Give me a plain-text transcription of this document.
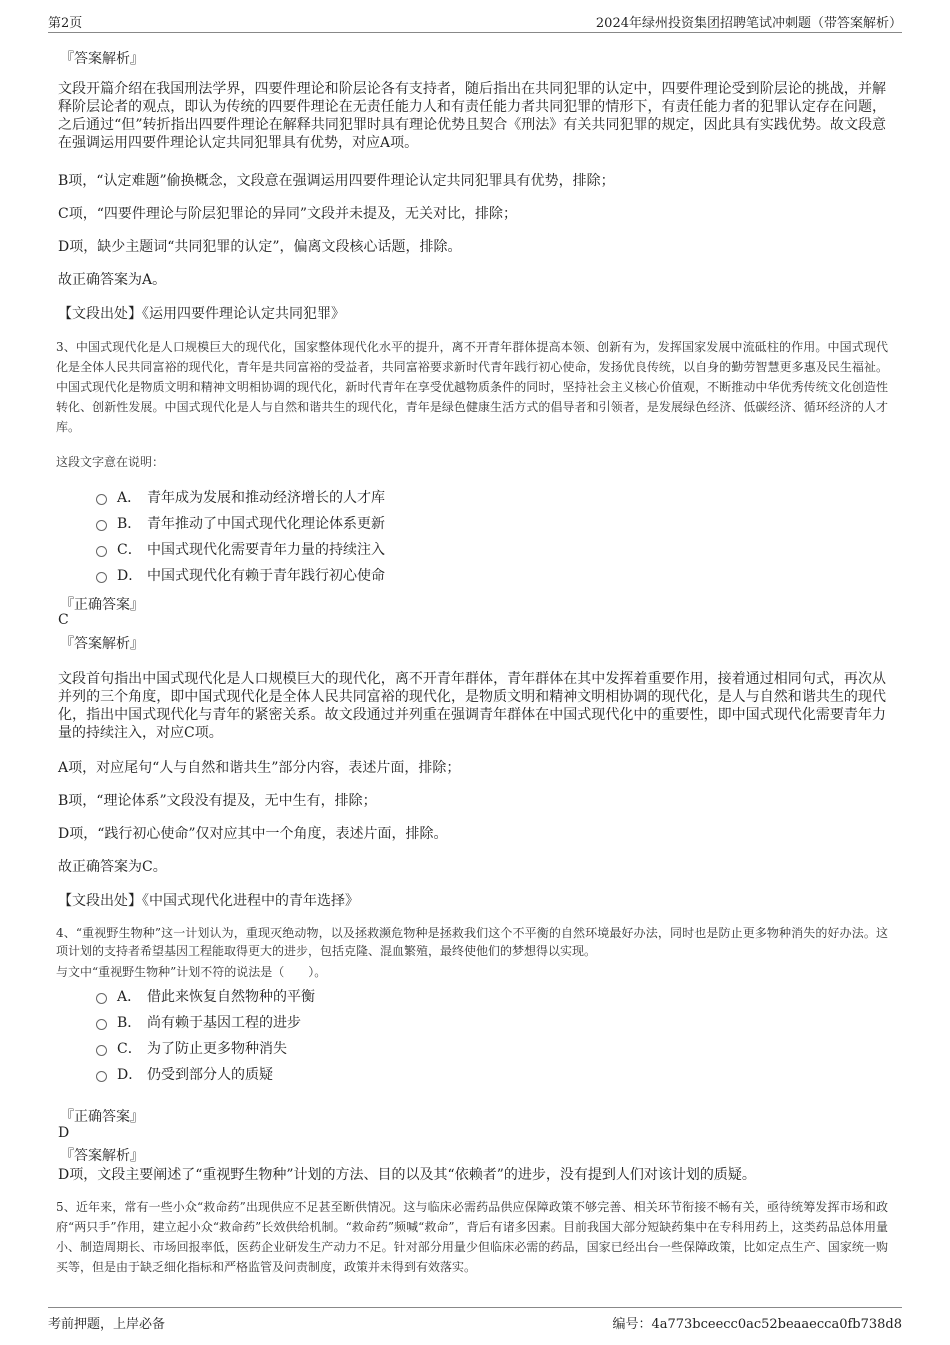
第2页	2024年绿州投资集团招聘笔试冲刺题（带答案解析）
『答案解析』
文段开篇介绍在我国刑法学界，四要件理论和阶层论各有支持者，随后指出在共同犯罪的认定中，四要件理论受到阶层论的挑战，并解释阶层论者的观点，即认为传统的四要件理论在无责任能力人和有责任能力者共同犯罪的情形下，有责任能力者的犯罪认定存在问题，之后通过“但”转折指出四要件理论在解释共同犯罪时具有理论优势且契合《刑法》有关共同犯罪的规定，因此具有实践优势。故文段意在强调运用四要件理论认定共同犯罪具有优势，对应A项。
B项，“认定难题”偷换概念，文段意在强调运用四要件理论认定共同犯罪具有优势，排除；
C项，“四要件理论与阶层犯罪论的异同”文段并未提及，无关对比，排除；
D项，缺少主题词“共同犯罪的认定”，偏离文段核心话题，排除。
故正确答案为A。
【文段出处】《运用四要件理论认定共同犯罪》
3、中国式现代化是人口规模巨大的现代化，国家整体现代化水平的提升，离不开青年群体提高本领、创新有为，发挥国家发展中流砥柱的作用。中国式现代化是全体人民共同富裕的现代化，青年是共同富裕的受益者，共同富裕要求新时代青年践行初心使命，发扬优良传统，以自身的勤劳智慧更多惠及民生福祉。中国式现代化是物质文明和精神文明相协调的现代化，新时代青年在享受优越物质条件的同时，坚持社会主义核心价值观，不断推动中华优秀传统文化创造性转化、创新性发展。中国式现代化是人与自然和谐共生的现代化，青年是绿色健康生活方式的倡导者和引领者，是发展绿色经济、低碳经济、循环经济的人才库。
这段文字意在说明：
A． 青年成为发展和推动经济增长的人才库
B． 青年推动了中国式现代化理论体系更新
C． 中国式现代化需要青年力量的持续注入
D． 中国式现代化有赖于青年践行初心使命
『正确答案』
C
『答案解析』
文段首句指出中国式现代化是人口规模巨大的现代化，离不开青年群体，青年群体在其中发挥着重要作用，接着通过相同句式，再次从并列的三个角度，即中国式现代化是全体人民共同富裕的现代化，是物质文明和精神文明相协调的现代化，是人与自然和谐共生的现代化，指出中国式现代化与青年的紧密关系。故文段通过并列重在强调青年群体在中国式现代化中的重要性，即中国式现代化需要青年力量的持续注入，对应C项。
A项，对应尾句“人与自然和谐共生”部分内容，表述片面，排除；
B项，“理论体系”文段没有提及，无中生有，排除；
D项，“践行初心使命”仅对应其中一个角度，表述片面，排除。
故正确答案为C。
【文段出处】《中国式现代化进程中的青年选择》
4、“重视野生物种”这一计划认为，重现灭绝动物，以及拯救濒危物种是拯救我们这个不平衡的自然环境最好办法，同时也是防止更多物种消失的好办法。这项计划的支持者希望基因工程能取得更大的进步，包括克隆、混血繁殖，最终使他们的梦想得以实现。
与文中“重视野生物种”计划不符的说法是（　　）。
A． 借此来恢复自然物种的平衡
B． 尚有赖于基因工程的进步
C． 为了防止更多物种消失
D． 仍受到部分人的质疑
『正确答案』
D
『答案解析』
D项，文段主要阐述了“重视野生物种”计划的方法、目的以及其“依赖者”的进步，没有提到人们对该计划的质疑。
5、近年来，常有一些小众“救命药”出现供应不足甚至断供情况。这与临床必需药品供应保障政策不够完善、相关环节衔接不畅有关，亟待统筹发挥市场和政府“两只手”作用，建立起小众“救命药”长效供给机制。“救命药”频喊“救命”，背后有诸多因素。目前我国大部分短缺药集中在专科用药上，这类药品总体用量小、制造周期长、市场回报率低，医药企业研发生产动力不足。针对部分用量少但临床必需的药品，国家已经出台一些保障政策，比如定点生产、国家统一购买等，但是由于缺乏细化指标和严格监管及问责制度，政策并未得到有效落实。
考前押题，上岸必备	编号：4a773bceecc0ac52beaaecca0fb738d8
